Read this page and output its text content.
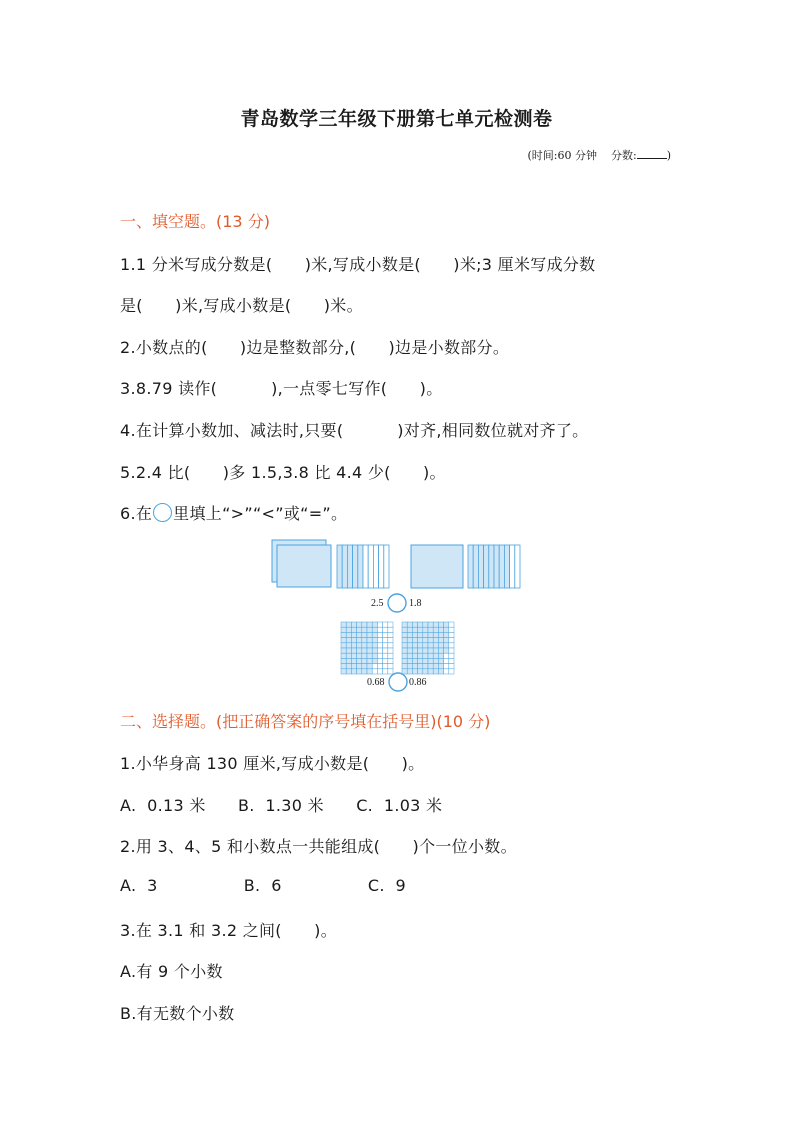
青岛数学三年级下册第七单元检测卷
(时间:60 分钟    分数:	)
一、填空题。(13 分)
1.1 分米写成分数是(      )米,写成小数是(      )米;3 厘米写成分数
是(      )米,写成小数是(      )米。
2.小数点的(      )边是整数部分,(      )边是小数部分。
3.8.79 读作(          ),一点零七写作(      )。
4.在计算小数加、减法时,只要(          )对齐,相同数位就对齐了。
5.2.4 比(      )多 1.5,3.8 比 4.4 少(      )。
6.在 里填上“>”“<”或“=”。
2.5	1.8
0.68 0.86
二、选择题。(把正确答案的序号填在括号里)(10 分)
1.小华身高 130 厘米,写成小数是(      )。
A.  0.13 米      B.  1.30 米      C.  1.03 米
2.用 3、4、5 和小数点一共能组成(      )个一位小数。
A.  3                B.  6                C.  9
3.在 3.1 和 3.2 之间(      )。
A.有 9 个小数
B.有无数个小数
